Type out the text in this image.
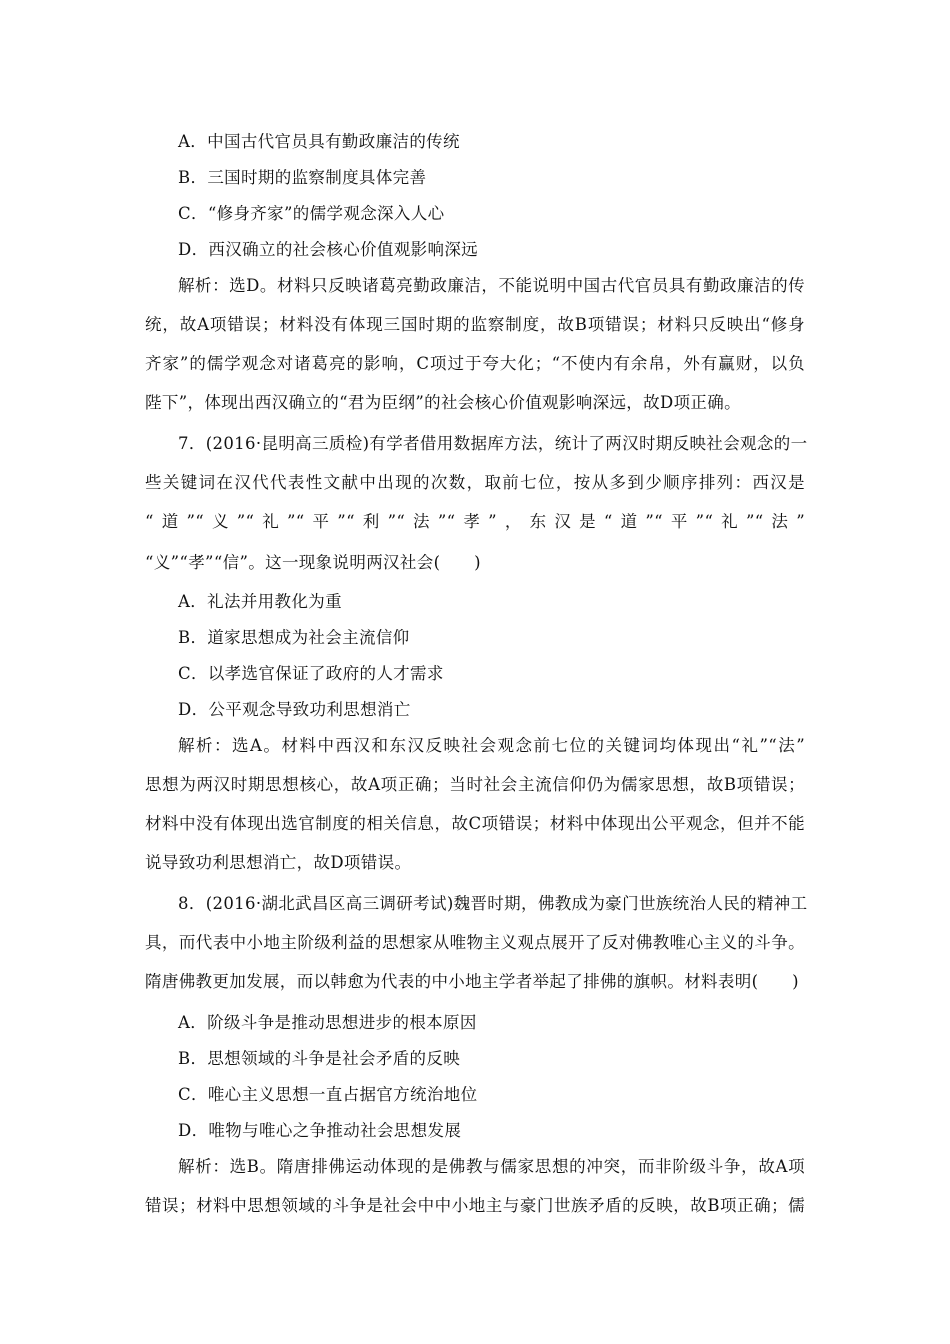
A．中国古代官员具有勤政廉洁的传统
B．三国时期的监察制度具体完善
C．“修身齐家”的儒学观念深入人心
D．西汉确立的社会核心价值观影响深远
解析：选D。材料只反映诸葛亮勤政廉洁，不能说明中国古代官员具有勤政廉洁的传
统，故A项错误；材料没有体现三国时期的监察制度，故B项错误；材料只反映出“修身
齐家”的儒学观念对诸葛亮的影响，C项过于夸大化；“不使内有余帛，外有赢财，以负
陛下”，体现出西汉确立的“君为臣纲”的社会核心价值观影响深远，故D项正确。
7．(2016·昆明高三质检)有学者借用数据库方法，统计了两汉时期反映社会观念的一
些关键词在汉代代表性文献中出现的次数，取前七位，按从多到少顺序排列：西汉是
“道”“义”“礼”“平”“利”“法”“孝”，东汉是“道”“平”“礼”“法”
“义”“孝”“信”。这一现象说明两汉社会(　　)
A．礼法并用教化为重
B．道家思想成为社会主流信仰
C．以孝选官保证了政府的人才需求
D．公平观念导致功利思想消亡
解析：选A。材料中西汉和东汉反映社会观念前七位的关键词均体现出“礼”“法”
思想为两汉时期思想核心，故A项正确；当时社会主流信仰仍为儒家思想，故B项错误；
材料中没有体现出选官制度的相关信息，故C项错误；材料中体现出公平观念，但并不能
说导致功利思想消亡，故D项错误。
8．(2016·湖北武昌区高三调研考试)魏晋时期，佛教成为豪门世族统治人民的精神工
具，而代表中小地主阶级利益的思想家从唯物主义观点展开了反对佛教唯心主义的斗争。
隋唐佛教更加发展，而以韩愈为代表的中小地主学者举起了排佛的旗帜。材料表明(　　)
A．阶级斗争是推动思想进步的根本原因
B．思想领域的斗争是社会矛盾的反映
C．唯心主义思想一直占据官方统治地位
D．唯物与唯心之争推动社会思想发展
解析：选B。隋唐排佛运动体现的是佛教与儒家思想的冲突，而非阶级斗争，故A项
错误；材料中思想领域的斗争是社会中中小地主与豪门世族矛盾的反映，故B项正确；儒
